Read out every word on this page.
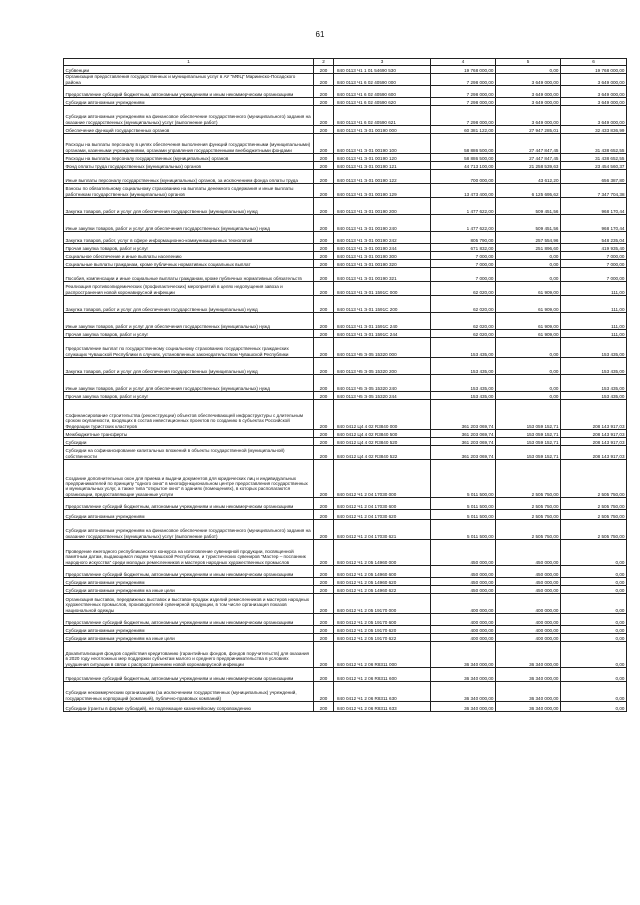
61
1	2	3	4	5	6
Субвенции	200	840 0113 Ч1 1 01 54690 530	19 768 000,00	0,00	19 768 000,00
Организация предоставления государственных и муниципальных услуг в АУ "МФЦ" Мариинско-Посадского района	200	840 0113 Ч1 6 02 40590 000	7 298 000,00	3 649 000,00	3 649 000,00
Предоставление субсидий бюджетным, автономным учреждениям и иным некоммерческим организациям	200	840 0113 Ч1 6 02 40590 600	7 298 000,00	3 649 000,00	3 649 000,00
Субсидии автономным учреждениям	200	840 0113 Ч1 6 02 40590 620	7 298 000,00	3 649 000,00	3 649 000,00
Субсидии автономным учреждениям на финансовое обеспечение государственного (муниципального) задания на оказание государственных (муниципальных) услуг (выполнение работ)	200	840 0113 Ч1 6 02 40590 621	7 298 000,00	3 649 000,00	3 649 000,00
Обеспечение функций государственных органов	200	840 0113 Ч1 Э 01 00190 000	60 381 122,00	27 947 285,01	32 433 836,99
Расходы на выплаты персоналу в целях обеспечения выполнения функций государственными (муниципальными) органами, казенными учреждениями, органами управления государственными внебюджетными фондами	200	840 0113 Ч1 Э 01 00190 100	58 886 500,00	27 447 847,45	31 438 652,55
Расходы на выплаты персоналу государственных (муниципальных) органов	200	840 0113 Ч1 Э 01 00190 120	58 886 500,00	27 447 847,45	31 438 652,55
Фонд оплаты труда государственных (муниципальных) органов	200	840 0113 Ч1 Э 01 00190 121	44 713 100,00	21 258 539,63	23 454 560,37
Иные выплаты персоналу государственных (муниципальных) органов, за исключением фонда оплаты труда	200	840 0113 Ч1 Э 01 00190 122	700 000,00	43 612,20	656 387,80
Взносы по обязательному социальному страхованию на выплаты денежного содержания и иные выплаты работникам государственных (муниципальных) органов	200	840 0113 Ч1 Э 01 00190 129	13 473 400,00	6 125 695,62	7 347 704,38
Закупка товаров, работ и услуг для обеспечения государственных (муниципальных) нужд	200	840 0113 Ч1 Э 01 00190 200	1 477 622,00	509 451,56	968 170,44
Иные закупки товаров, работ и услуг для обеспечения государственных (муниципальных) нужд	200	840 0113 Ч1 Э 01 00190 240	1 477 622,00	509 451,56	968 170,44
Закупка товаров, работ, услуг в сфере информационно-коммуникационных технологий	200	840 0113 Ч1 Э 01 00190 242	805 790,00	257 554,96	548 235,04
Прочая закупка товаров, работ и услуг	200	840 0113 Ч1 Э 01 00190 244	671 832,00	251 896,60	419 935,40
Социальное обеспечение и иные выплаты населению	200	840 0113 Ч1 Э 01 00190 300	7 000,00	0,00	7 000,00
Социальные выплаты гражданам, кроме публичных нормативных социальных выплат	200	840 0113 Ч1 Э 01 00190 320	7 000,00	0,00	7 000,00
Пособия, компенсации и иные социальные выплаты гражданам, кроме публичных нормативных обязательств	200	840 0113 Ч1 Э 01 00190 321	7 000,00	0,00	7 000,00
Реализация противоэпидемических (профилактических) мероприятий в целях недопущения завоза и распространения новой коронавирусной инфекции	200	840 0113 Ч1 Э 01 1591С 000	62 020,00	61 909,00	111,00
Закупка товаров, работ и услуг для обеспечения государственных (муниципальных) нужд	200	840 0113 Ч1 Э 01 1591С 200	62 020,00	61 909,00	111,00
Иные закупки товаров, работ и услуг для обеспечения государственных (муниципальных) нужд	200	840 0113 Ч1 Э 01 1591С 240	62 020,00	61 909,00	111,00
Прочая закупка товаров, работ и услуг	200	840 0113 Ч1 Э 01 1591С 244	62 020,00	61 909,00	111,00
Предоставление выплат по государственному социальному страхованию государственных гражданских служащих Чувашской Республики в случаях, установленных законодательством Чувашской Республики	200	840 0113 Ч5 Э 05 15320 000	153 435,00	0,00	153 435,00
Закупка товаров, работ и услуг для обеспечения государственных (муниципальных) нужд	200	840 0113 Ч5 Э 05 15320 200	153 435,00	0,00	153 435,00
Иные закупки товаров, работ и услуг для обеспечения государственных (муниципальных) нужд	200	840 0113 Ч5 Э 05 15320 240	153 435,00	0,00	153 435,00
Прочая закупка товаров, работ и услуг	200	840 0113 Ч5 Э 05 15320 244	153 435,00	0,00	153 435,00
Софинансирование строительства (реконструкции) объектов обеспечивающей инфраструктуры с длительным сроком окупаемости, входящих в состав инвестиционных проектов по созданию в субъектах Российской Федерации туристских кластеров	200	840 0412 Ц4 4 02 R3840 000	361 203 069,74	153 059 152,71	208 143 917,03
Межбюджетные трансферты	200	840 0412 Ц4 4 02 R3840 500	361 203 069,74	153 059 152,71	208 143 917,03
Субсидии	200	840 0412 Ц4 4 02 R3840 520	361 203 069,74	153 059 152,71	208 143 917,03
Субсидии на софинансирование капитальных вложений в объекты государственной (муниципальной) собственности	200	840 0412 Ц4 4 02 R3840 522	361 203 069,74	153 059 152,71	208 143 917,03
Создание дополнительных окон для приема и выдачи документов для юридических лиц и индивидуальных предпринимателей по принципу "одного окна" в многофункциональном центре предоставления государственных и муниципальных услуг, а также типа "открытое окно" в зданиях (помещениях), в которых располагаются организации, предоставляющие указанные услуги	200	840 0412 Ч1 2 04 17030 000	5 011 500,00	2 505 750,00	2 505 750,00
Предоставление субсидий бюджетным, автономным учреждениям и иным некоммерческим организациям	200	840 0412 Ч1 2 04 17030 600	5 011 500,00	2 505 750,00	2 505 750,00
Субсидии автономным учреждениям	200	840 0412 Ч1 2 04 17030 620	5 011 500,00	2 505 750,00	2 505 750,00
Субсидии автономным учреждениям на финансовое обеспечение государственного (муниципального) задания на оказание государственных (муниципальных) услуг (выполнение работ)	200	840 0412 Ч1 2 04 17030 621	5 011 500,00	2 505 750,00	2 505 750,00
Проведение ежегодного республиканского конкурса на изготовление сувенирной продукции, посвященной памятным датам, выдающимся людям Чувашской Республики, и туристических сувениров "Мастер – посланник народного искусства" среди молодых ремесленников и мастеров народных художественных промыслов	200	840 0412 Ч1 2 05 14960 000	450 000,00	450 000,00	0,00
Предоставление субсидий бюджетным, автономным учреждениям и иным некоммерческим организациям	200	840 0412 Ч1 2 05 14960 600	450 000,00	450 000,00	0,00
Субсидии автономным учреждениям	200	840 0412 Ч1 2 05 14960 620	450 000,00	450 000,00	0,00
Субсидии автономным учреждениям на иные цели	200	840 0412 Ч1 2 05 14960 622	450 000,00	450 000,00	0,00
Организация выставок, передвижных выставок и выставок-продаж изделий ремесленников и мастеров народных художественных промыслов, производителей сувенирной продукции, в том числе организация показов национальной одежды	200	840 0412 Ч1 2 05 19170 000	400 000,00	400 000,00	0,00
Предоставление субсидий бюджетным, автономным учреждениям и иным некоммерческим организациям	200	840 0412 Ч1 2 05 19170 600	400 000,00	400 000,00	0,00
Субсидии автономным учреждениям	200	840 0412 Ч1 2 05 19170 620	400 000,00	400 000,00	0,00
Субсидии автономным учреждениям на иные цели	200	840 0412 Ч1 2 05 19170 622	400 000,00	400 000,00	0,00
Докапитализация фондов содействия кредитованию (гарантийных фондов, фондов поручительств) для оказания в 2020 году неотложных мер поддержки субъектам малого и среднего предпринимательства в условиях ухудшения ситуации в связи с распространением новой коронавирусной инфекции	200	840 0412 Ч1 2 06 R8311 000	36 340 000,00	36 340 000,00	0,00
Предоставление субсидий бюджетным, автономным учреждениям и иным некоммерческим организациям	200	840 0412 Ч1 2 06 R8311 600	36 340 000,00	36 340 000,00	0,00
Субсидии некоммерческим организациям (за исключением государственных (муниципальных) учреждений, государственных корпораций (компаний), публично-правовых компаний)	200	840 0412 Ч1 2 06 R8311 630	36 340 000,00	36 340 000,00	0,00
Субсидии (гранты в форме субсидий), не подлежащие казначейскому сопровождению	200	840 0412 Ч1 2 06 R8311 633	36 340 000,00	36 340 000,00	0,00
